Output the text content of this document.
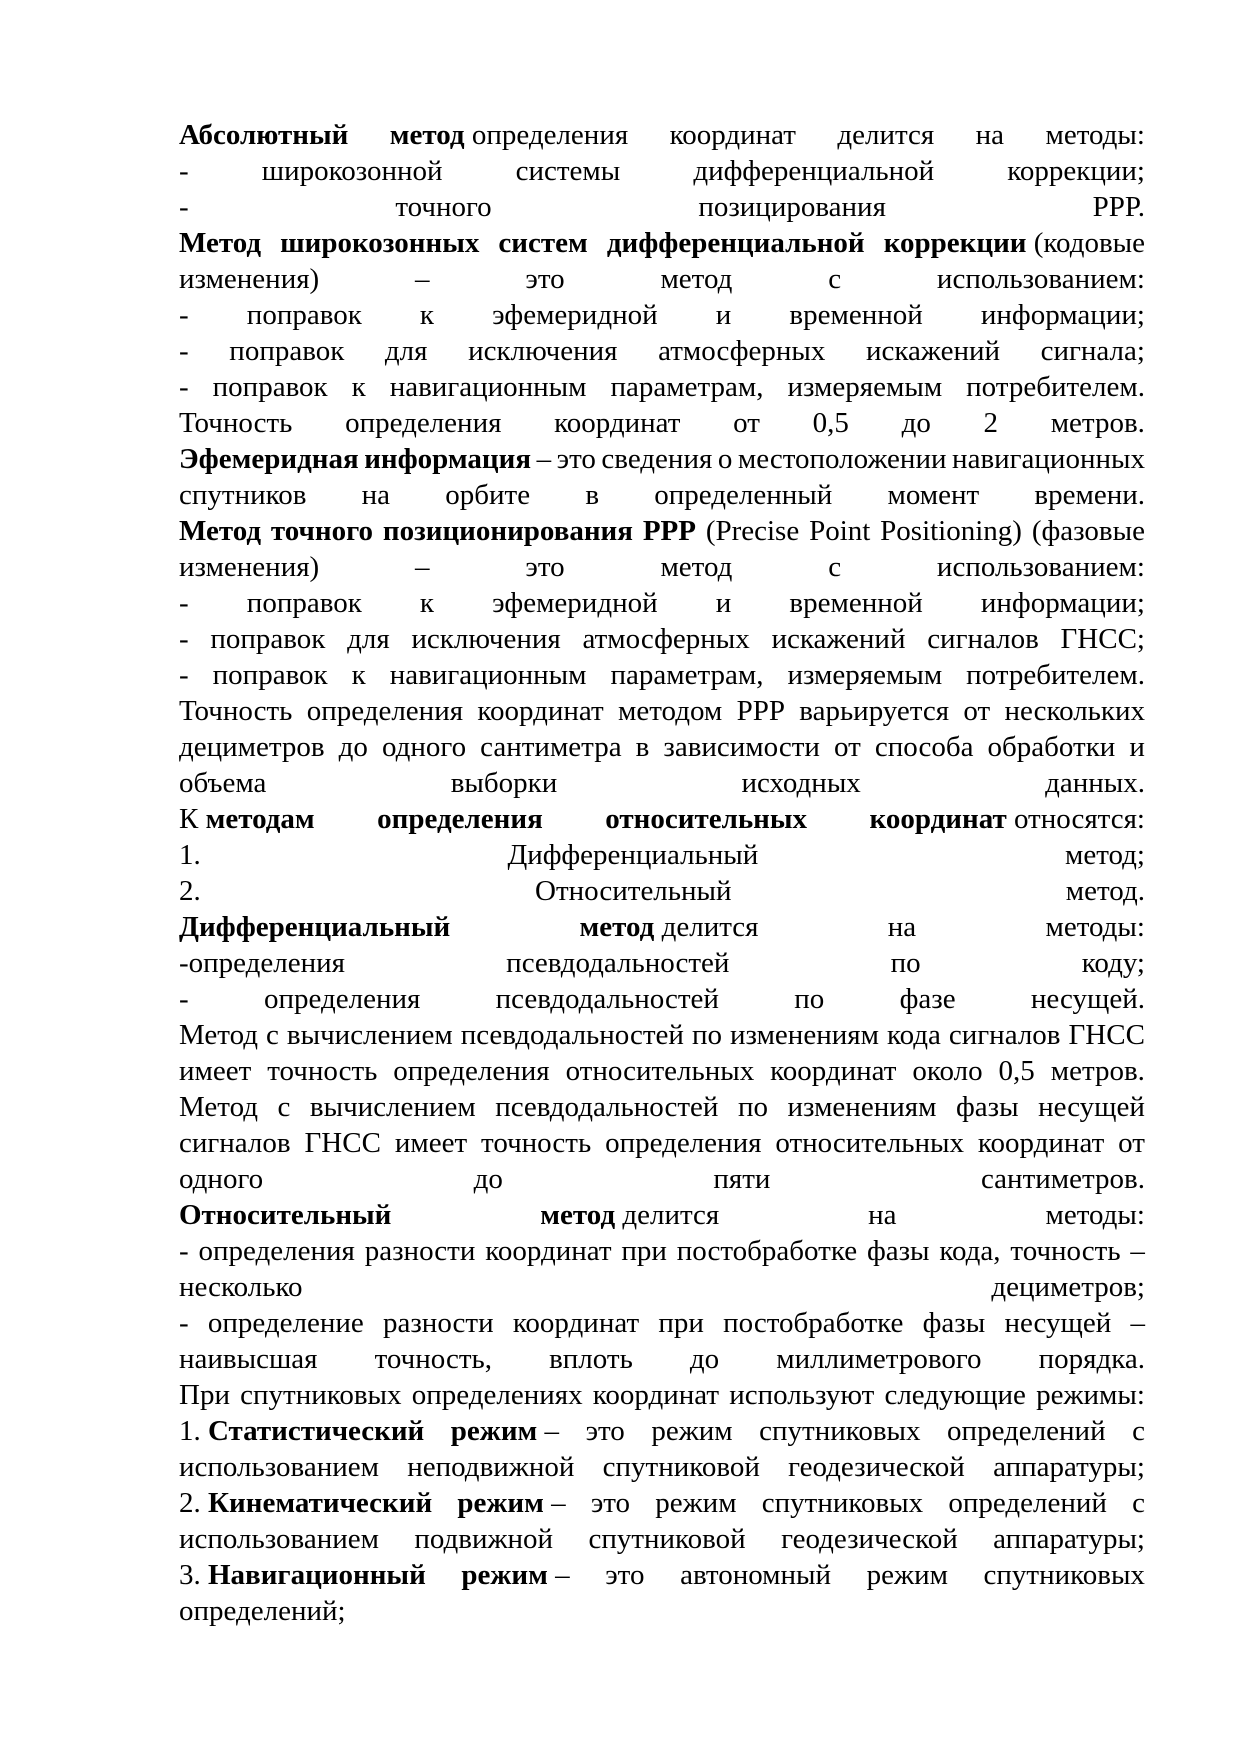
Абсолютный метод определения координат делится на методы:
-	широкозонной	системы	дифференциальной	коррекции;
-	точного	позицирования	PPP.
Метод широкозонных систем дифференциальной коррекции (кодовые
изменения)	–	это	метод	с	использованием:
- поправок к эфемеридной и временной информации;
- поправок для исключения атмосферных искажений сигнала;
- поправок к навигационным параметрам, измеряемым потребителем.
Точность определения координат от 0,5 до 2 метров.
Эфемеридная информация – это сведения о местоположении навигационных
спутников на орбите в определенный момент времени.
Метод точного позиционирования PPP (Precise Point Positioning) (фазовые
изменения)	–	это	метод	с	использованием:
- поправок к эфемеридной и временной информации;
- поправок для исключения атмосферных искажений сигналов ГНСС;
- поправок к навигационным параметрам, измеряемым потребителем.
Точность определения координат методом PPP варьируется от нескольких
дециметров до одного сантиметра в зависимости от способа обработки и
объема	выборки	исходных	данных.
К методам определения относительных координат относятся:
1.	Дифференциальный	метод;
2.	Относительный	метод.
Дифференциальный	метод делится	на	методы:
-определения	псевдодальностей	по	коду;
-	определения	псевдодальностей	по	фазе	несущей.
Метод с вычислением псевдодальностей по изменениям кода сигналов ГНСС
имеет точность определения относительных координат около 0,5 метров.
Метод с вычислением псевдодальностей по изменениям фазы несущей
сигналов ГНСС имеет точность определения относительных координат от
одного	до	пяти	сантиметров.
Относительный	метод делится	на	методы:
- определения разности координат при постобработке фазы кода, точность –
несколько	дециметров;
- определение разности координат при постобработке фазы несущей –
наивысшая точность, вплоть до миллиметрового порядка.
При спутниковых определениях координат используют следующие режимы:
1. Статистический режим – это режим спутниковых определений с
использованием неподвижной спутниковой геодезической аппаратуры;
2. Кинематический режим – это режим спутниковых определений с
использованием подвижной спутниковой геодезической аппаратуры;
3. Навигационный режим – это автономный режим спутниковых
определений;
